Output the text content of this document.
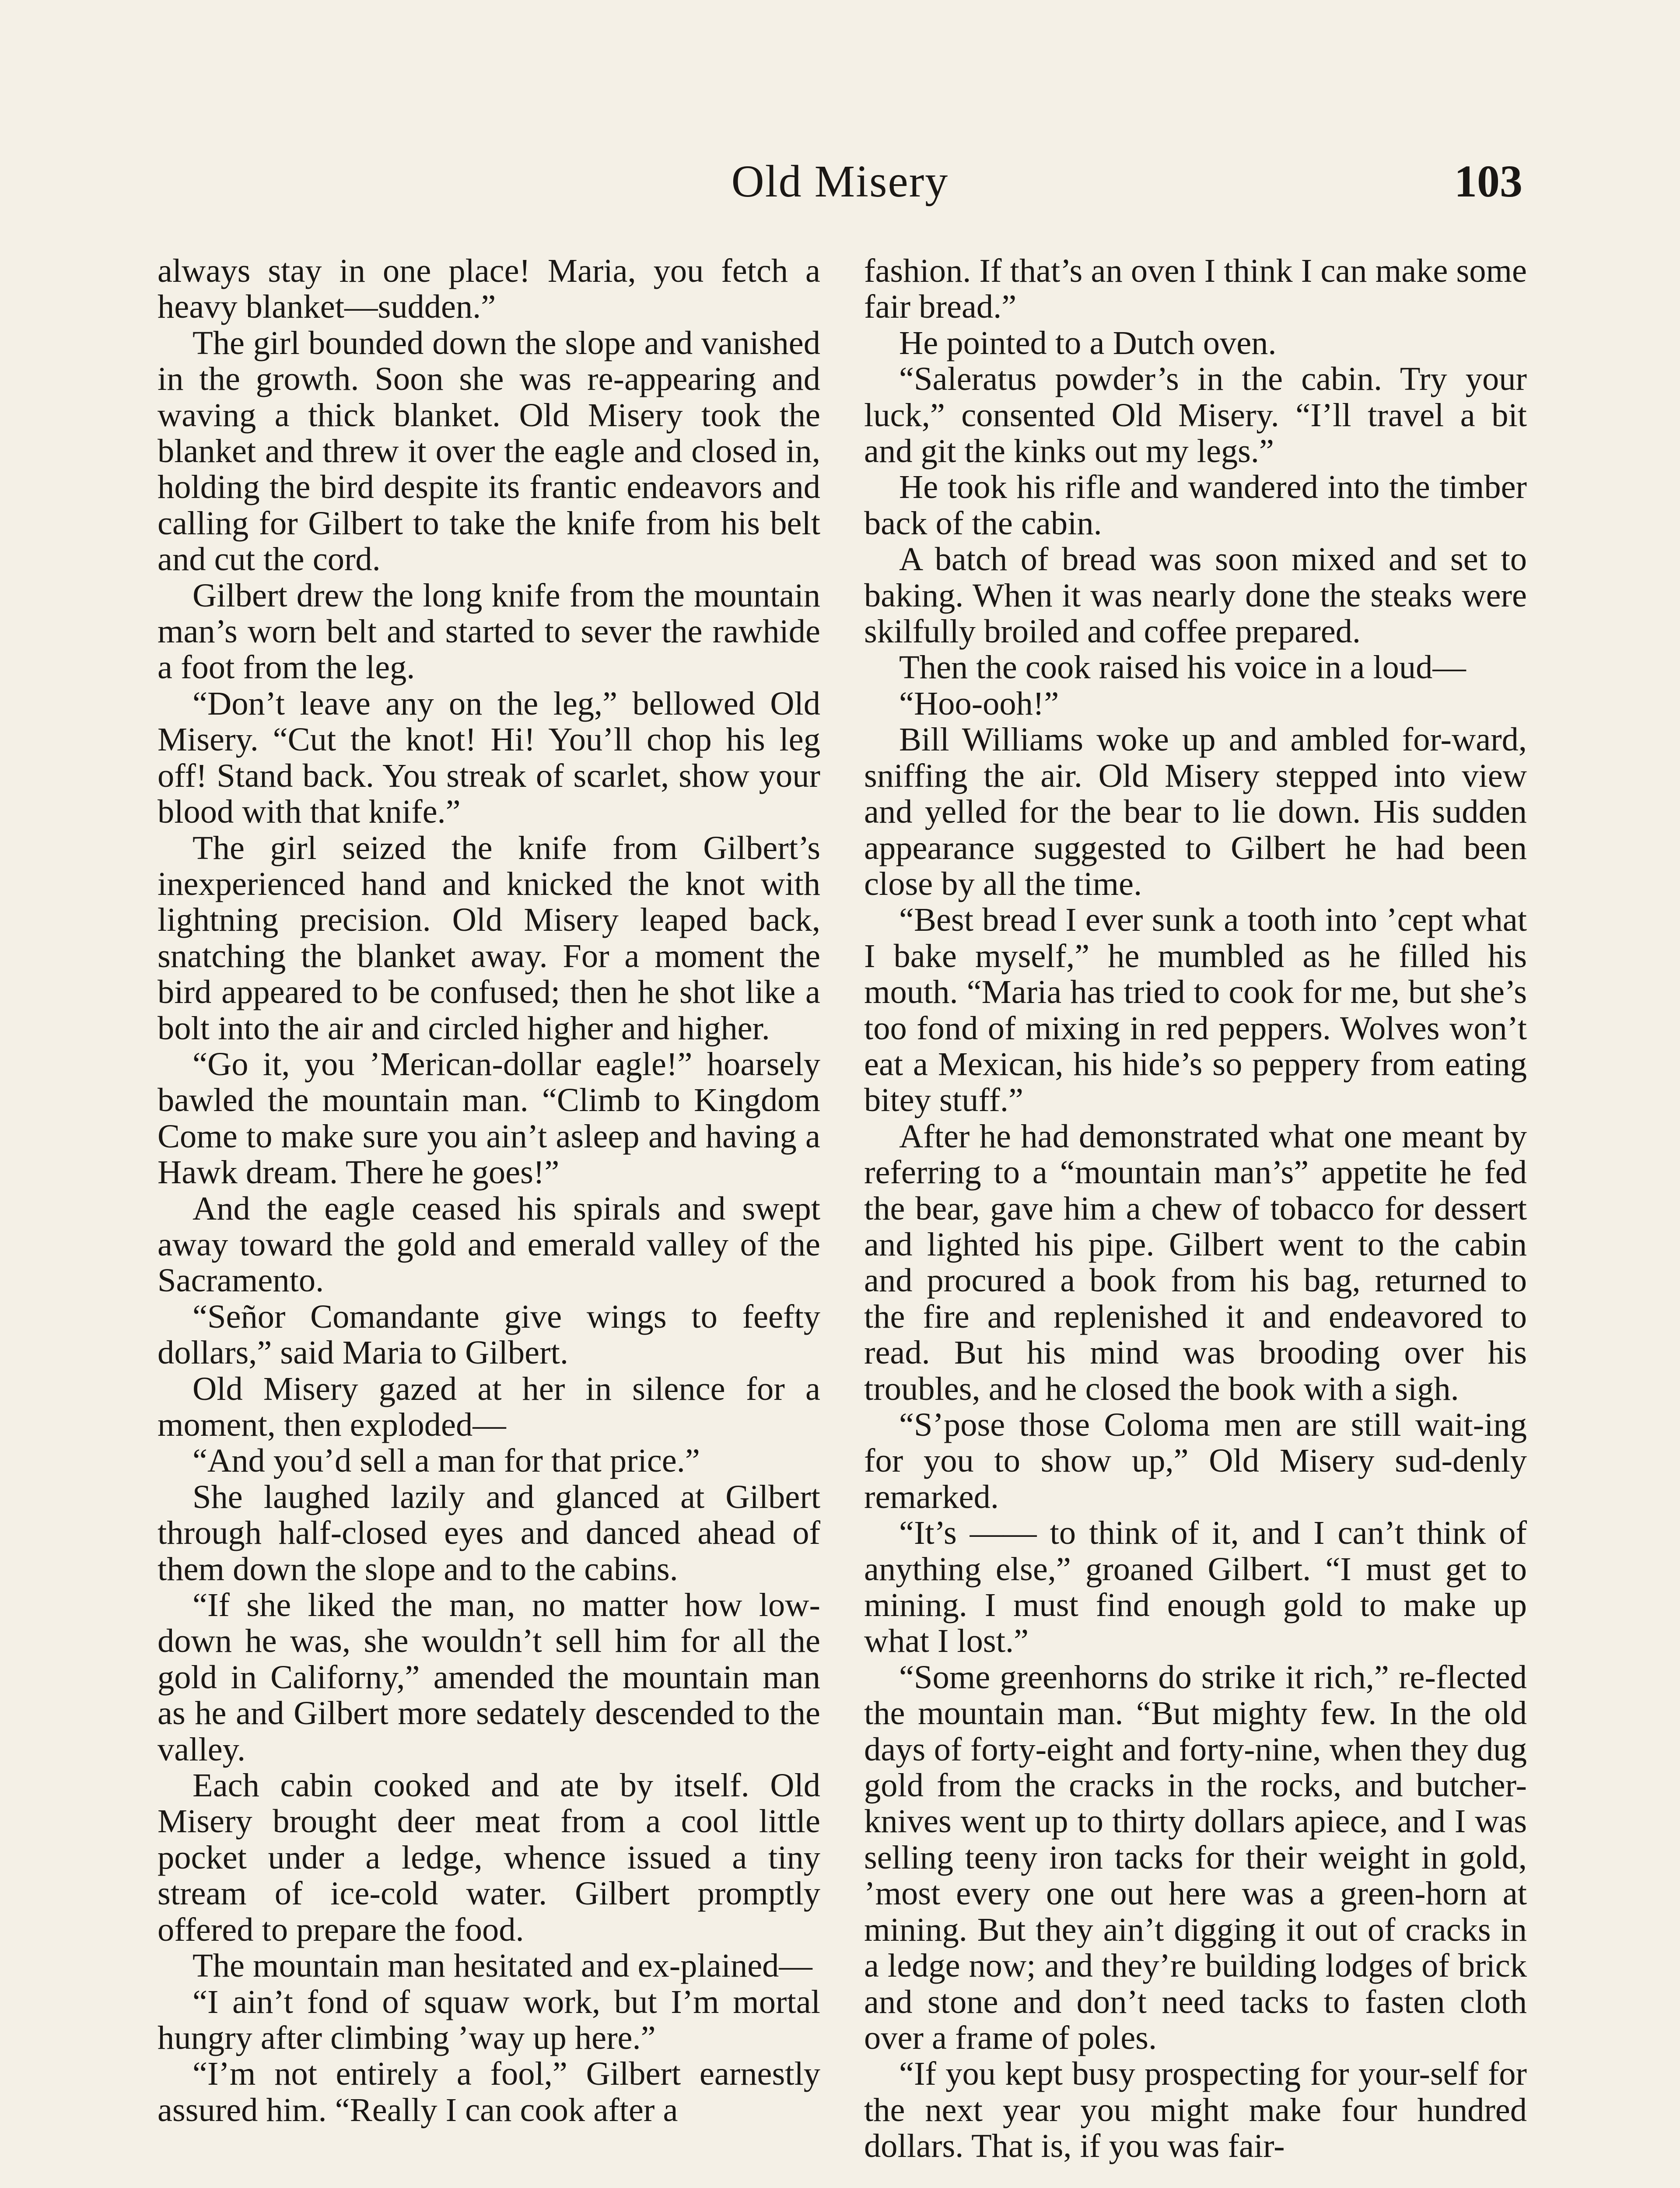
Old Misery	103

always stay in one place! Maria, you fetch a heavy blanket—sudden.”

The girl bounded down the slope and vanished in the growth. Soon she was re-appearing and waving a thick blanket. Old Misery took the blanket and threw it over the eagle and closed in, holding the bird despite its frantic endeavors and calling for Gilbert to take the knife from his belt and cut the cord.

Gilbert drew the long knife from the mountain man’s worn belt and started to sever the rawhide a foot from the leg.

“Don’t leave any on the leg,” bellowed Old Misery. “Cut the knot! Hi! You’ll chop his leg off! Stand back. You streak of scarlet, show your blood with that knife.”

The girl seized the knife from Gilbert’s inexperienced hand and knicked the knot with lightning precision. Old Misery leaped back, snatching the blanket away. For a moment the bird appeared to be confused; then he shot like a bolt into the air and circled higher and higher.

“Go it, you ’Merican-dollar eagle!” hoarsely bawled the mountain man. “Climb to Kingdom Come to make sure you ain’t asleep and having a Hawk dream. There he goes!”

And the eagle ceased his spirals and swept away toward the gold and emerald valley of the Sacramento.

“Señor Comandante give wings to feefty dollars,” said Maria to Gilbert.

Old Misery gazed at her in silence for a moment, then exploded—

“And you’d sell a man for that price.”

She laughed lazily and glanced at Gilbert through half-closed eyes and danced ahead of them down the slope and to the cabins.

“If she liked the man, no matter how low-down he was, she wouldn’t sell him for all the gold in Californy,” amended the mountain man as he and Gilbert more sedately descended to the valley.

Each cabin cooked and ate by itself. Old Misery brought deer meat from a cool little pocket under a ledge, whence issued a tiny stream of ice-cold water. Gilbert promptly offered to prepare the food.

The mountain man hesitated and ex-plained—

“I ain’t fond of squaw work, but I’m mortal hungry after climbing ’way up here.”

“I’m not entirely a fool,” Gilbert earnestly assured him. “Really I can cook after a

fashion. If that’s an oven I think I can make some fair bread.”

He pointed to a Dutch oven.

“Saleratus powder’s in the cabin. Try your luck,” consented Old Misery. “I’ll travel a bit and git the kinks out my legs.”

He took his rifle and wandered into the timber back of the cabin.

A batch of bread was soon mixed and set to baking. When it was nearly done the steaks were skilfully broiled and coffee prepared.

Then the cook raised his voice in a loud—

“Hoo-ooh!”

Bill Williams woke up and ambled for-ward, sniffing the air. Old Misery stepped into view and yelled for the bear to lie down. His sudden appearance suggested to Gilbert he had been close by all the time.

“Best bread I ever sunk a tooth into ’cept what I bake myself,” he mumbled as he filled his mouth. “Maria has tried to cook for me, but she’s too fond of mixing in red peppers. Wolves won’t eat a Mexican, his hide’s so peppery from eating bitey stuff.”

After he had demonstrated what one meant by referring to a “mountain man’s” appetite he fed the bear, gave him a chew of tobacco for dessert and lighted his pipe. Gilbert went to the cabin and procured a book from his bag, returned to the fire and replenished it and endeavored to read. But his mind was brooding over his troubles, and he closed the book with a sigh.

“S’pose those Coloma men are still wait-ing for you to show up,” Old Misery sud-denly remarked.

“It’s —— to think of it, and I can’t think of anything else,” groaned Gilbert. “I must get to mining. I must find enough gold to make up what I lost.”

“Some greenhorns do strike it rich,” re-flected the mountain man. “But mighty few. In the old days of forty-eight and forty-nine, when they dug gold from the cracks in the rocks, and butcher-knives went up to thirty dollars apiece, and I was selling teeny iron tacks for their weight in gold, ’most every one out here was a green-horn at mining. But they ain’t digging it out of cracks in a ledge now; and they’re building lodges of brick and stone and don’t need tacks to fasten cloth over a frame of poles.

“If you kept busy prospecting for your-self for the next year you might make four hundred dollars. That is, if you was fair-
